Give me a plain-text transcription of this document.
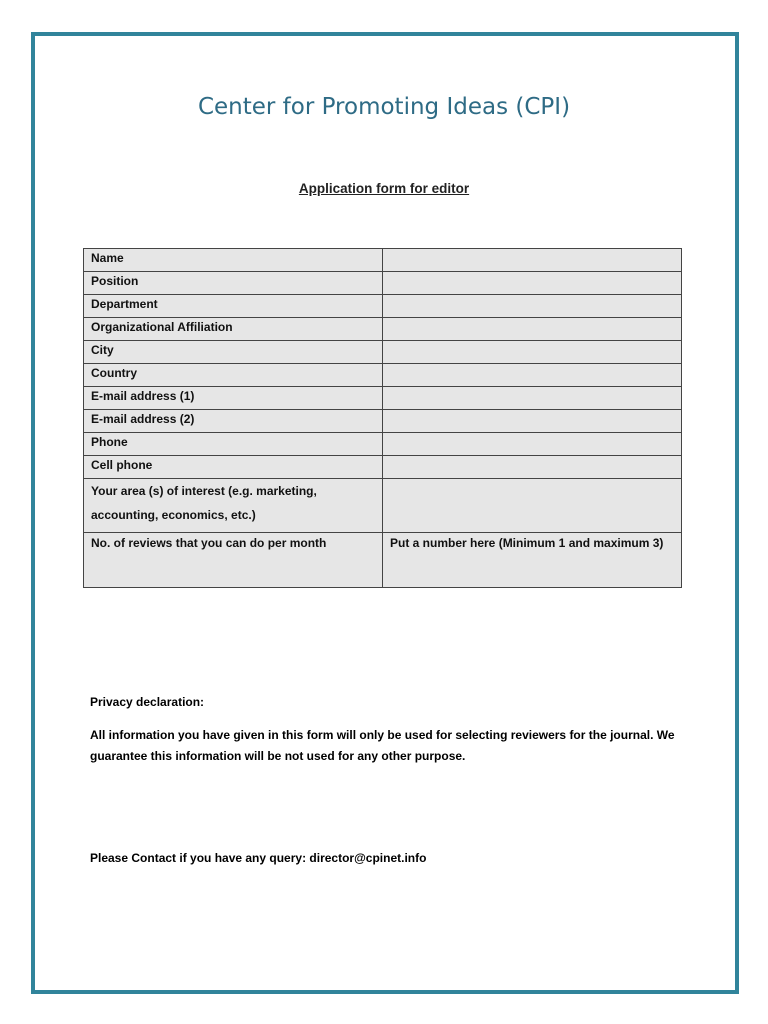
Center for Promoting Ideas (CPI)
Application form for editor
Name	
Position	
Department	
Organizational Affiliation	
City	
Country	
E-mail address (1)	
E-mail address (2)	
Phone	
Cell phone	
Your area (s) of interest (e.g. marketing, accounting, economics, etc.)	
No. of reviews that you can do per month	Put a number here (Minimum 1 and maximum 3)
Privacy declaration:
All information you have given in this form will only be used for selecting reviewers for the journal. We guarantee this information will be not used for any other purpose.
Please Contact if you have any query: director@cpinet.info
